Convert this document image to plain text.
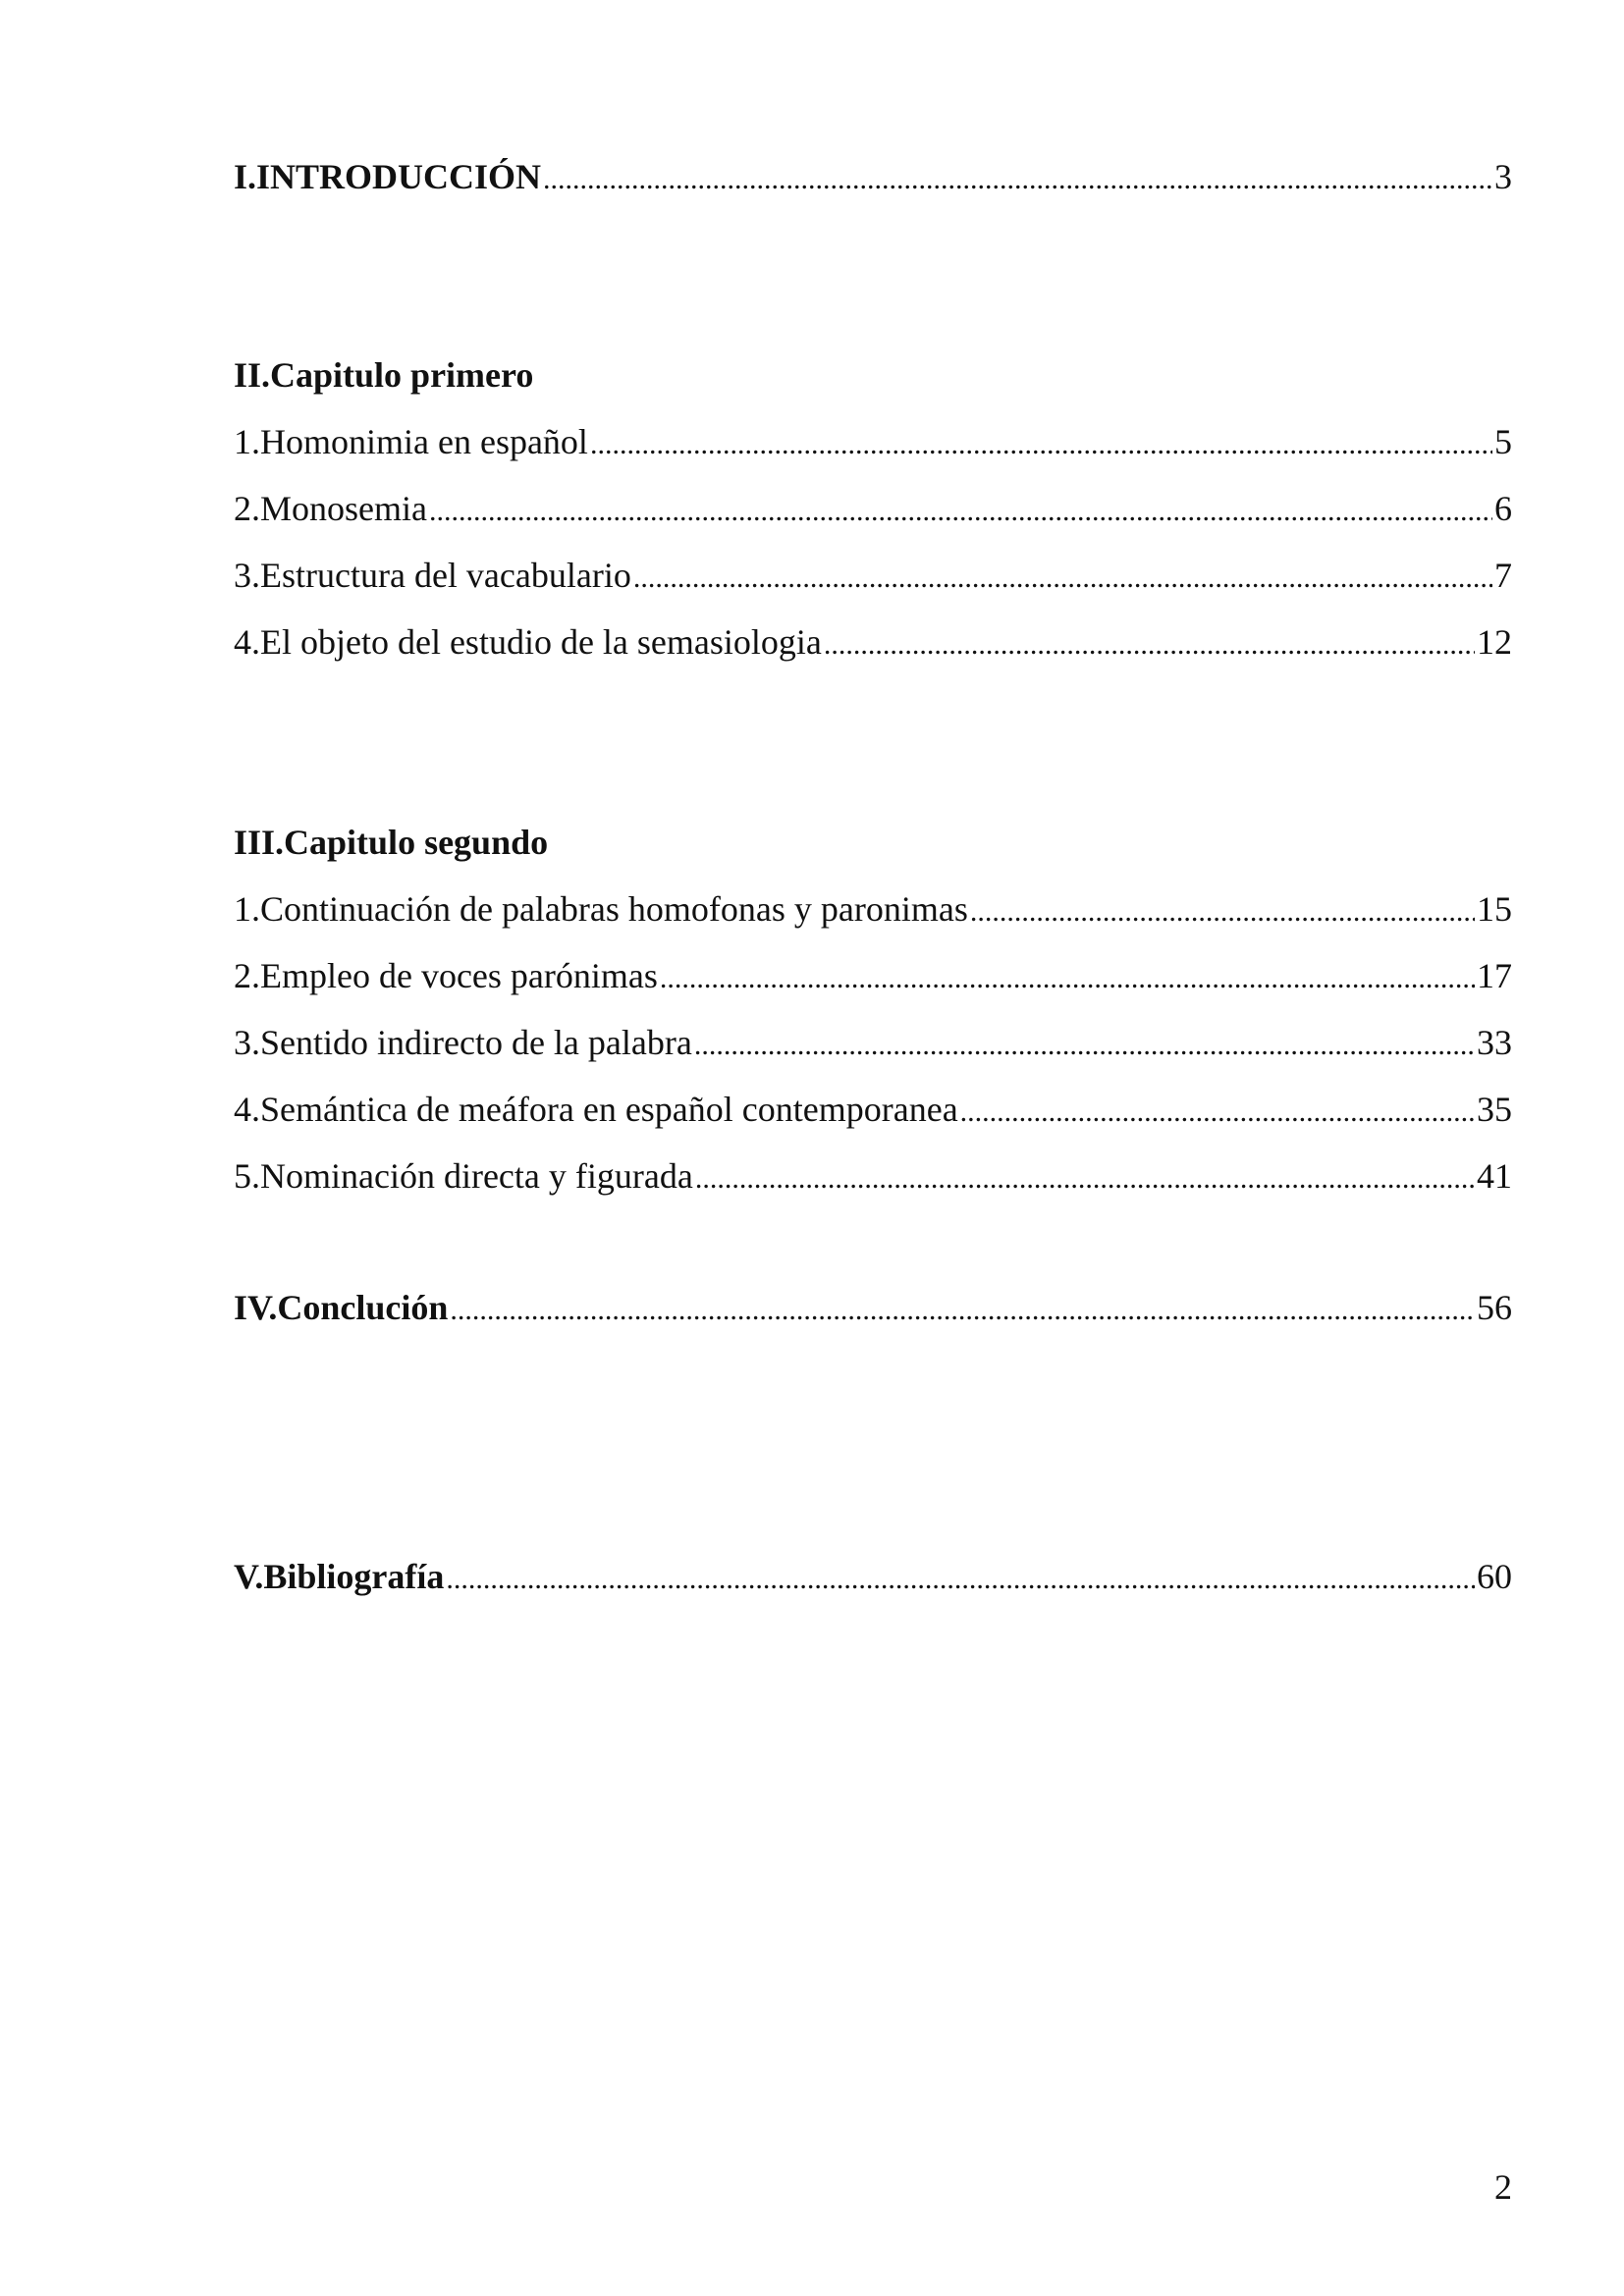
I.INTRODUCCIÓN .....	3
II.Capitulo primero
1.Homonimia en español .....	5
2.Monosemia .....	6
3.Estructura del vacabulario .....	7
4.El objeto del estudio de la semasiologia .....	12
III.Capitulo segundo
1.Continuación de palabras homofonas y paronimas .....	15
2.Empleo de voces parónimas .....	17
3.Sentido indirecto de la palabra .....	33
4.Semántica de meáfora en español contemporanea .....	35
5.Nominación directa y figurada .....	41
IV.Conclución .....	56
V.Bibliografía .....	60
2
